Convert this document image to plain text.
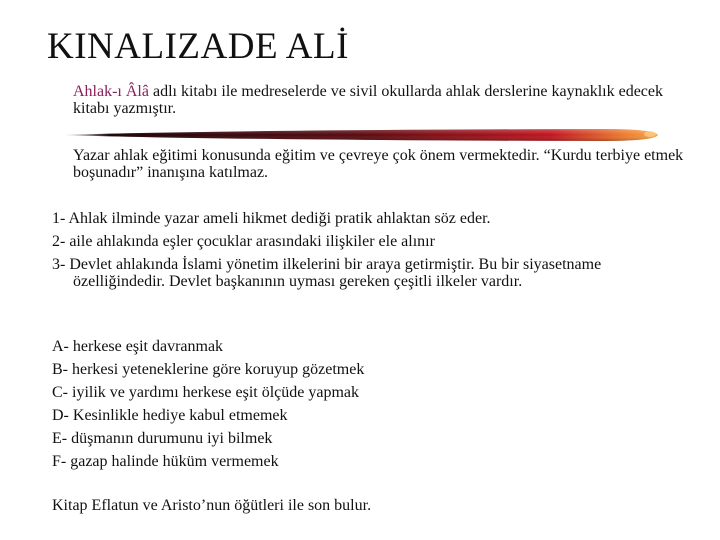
KINALIZADE ALİ

Ahlak-ı Âlâ adlı kitabı ile medreselerde ve sivil okullarda ahlak derslerine kaynaklık edecek kitabı yazmıştır.

Yazar ahlak eğitimi konusunda eğitim ve çevreye çok önem vermektedir. “Kurdu terbiye etmek boşunadır” inanışına katılmaz.

1- Ahlak ilminde yazar ameli hikmet dediği pratik ahlaktan söz eder.
2- aile ahlakında eşler çocuklar arasındaki ilişkiler ele alınır
3- Devlet ahlakında İslami yönetim ilkelerini bir araya getirmiştir. Bu bir siyasetname özelliğindedir. Devlet başkanının uyması gereken çeşitli ilkeler vardır.
A- herkese eşit davranmak
B- herkesi yeteneklerine göre koruyup gözetmek
C- iyilik ve yardımı herkese eşit ölçüde yapmak
D- Kesinlikle hediye kabul etmemek
E- düşmanın durumunu iyi bilmek
F- gazap halinde hüküm vermemek

Kitap Eflatun ve Aristo’nun öğütleri ile son bulur.
